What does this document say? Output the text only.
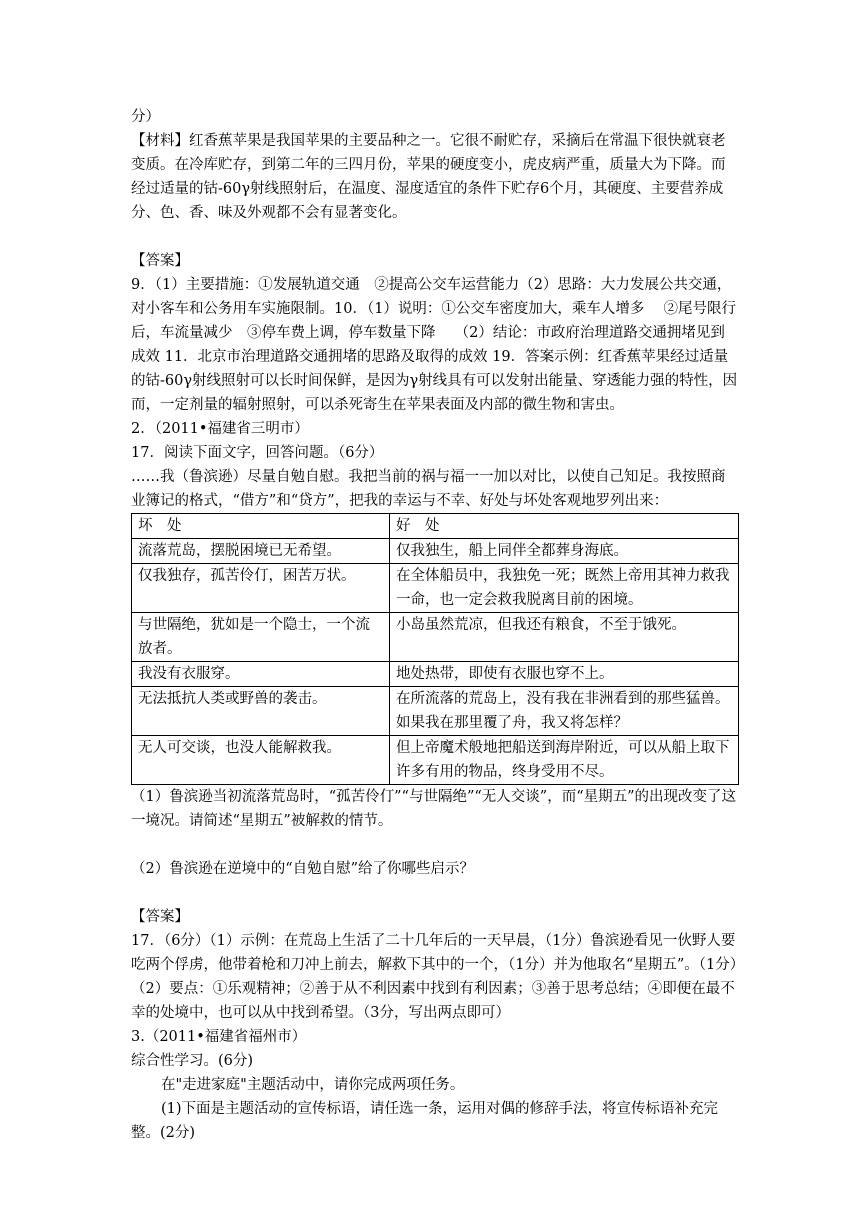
分）

【材料】红香蕉苹果是我国苹果的主要品种之一。它很不耐贮存，采摘后在常温下很快就衰老变质。在冷库贮存，到第二年的三四月份，苹果的硬度变小，虎皮病严重，质量大为下降。而经过适量的钴-60γ射线照射后，在温度、湿度适宜的条件下贮存6个月，其硬度、主要营养成分、色、香、味及外观都不会有显著变化。

【答案】

9．（1）主要措施：①发展轨道交通　②提高公交车运营能力（2）思路：大力发展公共交通，对小客车和公务用车实施限制。10．（1）说明：①公交车密度加大，乘车人增多　 ②尾号限行后，车流量减少　③停车费上调，停车数量下降　 （2）结论：市政府治理道路交通拥堵见到成效 11．北京市治理道路交通拥堵的思路及取得的成效 19．答案示例：红香蕉苹果经过适量的钴-60γ射线照射可以长时间保鲜，是因为γ射线具有可以发射出能量、穿透能力强的特性，因而，一定剂量的辐射照射，可以杀死寄生在苹果表面及内部的微生物和害虫。

2．（2011•福建省三明市）

17．阅读下面文字，回答问题。（6分）

……我（鲁滨逊）尽量自勉自慰。我把当前的祸与福一一加以对比，以使自己知足。我按照商业簿记的格式，“借方”和“贷方”，把我的幸运与不幸、好处与坏处客观地罗列出来：

坏　处	好　处
流落荒岛，摆脱困境已无希望。	仅我独生，船上同伴全都葬身海底。
仅我独存，孤苦伶仃，困苦万状。	在全体船员中，我独免一死；既然上帝用其神力救我一命，也一定会救我脱离目前的困境。
与世隔绝，犹如是一个隐士，一个流放者。	小岛虽然荒凉，但我还有粮食，不至于饿死。
我没有衣服穿。	地处热带，即使有衣服也穿不上。
无法抵抗人类或野兽的袭击。	在所流落的荒岛上，没有我在非洲看到的那些猛兽。如果我在那里覆了舟，我又将怎样？
无人可交谈，也没人能解救我。	但上帝魔术般地把船送到海岸附近，可以从船上取下许多有用的物品，终身受用不尽。

（1）鲁滨逊当初流落荒岛时，“孤苦伶仃”“与世隔绝”“无人交谈”，而“星期五”的出现改变了这一境况。请简述“星期五”被解救的情节。

（2）鲁滨逊在逆境中的“自勉自慰”给了你哪些启示？

【答案】

17．（6分）（1）示例：在荒岛上生活了二十几年后的一天早晨，（1分）鲁滨逊看见一伙野人要吃两个俘虏，他带着枪和刀冲上前去，解救下其中的一个，（1分）并为他取名“星期五”。（1分）（2）要点：①乐观精神；②善于从不利因素中找到有利因素；③善于思考总结；④即便在最不幸的处境中，也可以从中找到希望。（3分，写出两点即可）

3.（2011•福建省福州市）

综合性学习。(6分)

在"走进家庭"主题活动中，请你完成两项任务。

(1)下面是主题活动的宣传标语，请任选一条，运用对偶的修辞手法，将宣传标语补充完整。(2分)
